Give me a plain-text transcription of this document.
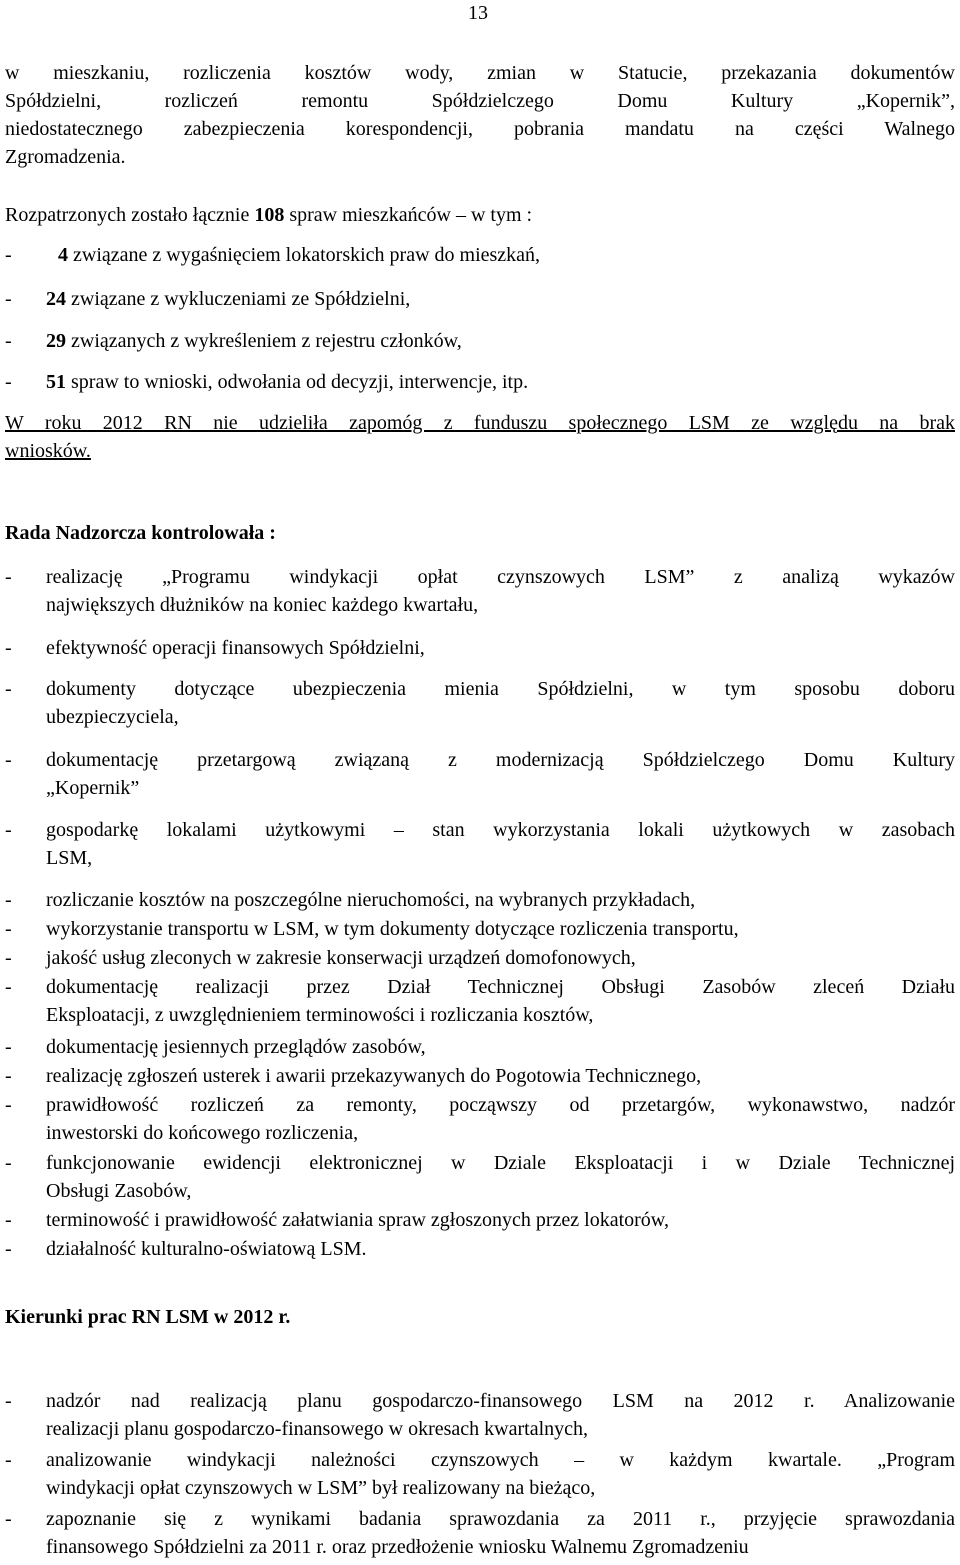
13
w mieszkaniu, rozliczenia kosztów wody, zmian w Statucie, przekazania dokumentów
Spółdzielni, rozliczeń remontu Spółdzielczego Domu Kultury „Kopernik”,
niedostatecznego zabezpieczenia korespondencji, pobrania mandatu na części Walnego
Zgromadzenia.
Rozpatrzonych zostało łącznie 108 spraw mieszkańców – w tym :
- 4 związane z wygaśnięciem lokatorskich praw do mieszkań,
- 24 związane z wykluczeniami ze Spółdzielni,
- 29 związanych z wykreśleniem z rejestru członków,
- 51 spraw to wnioski, odwołania od decyzji, interwencje, itp.
W roku 2012 RN nie udzieliła zapomóg z funduszu społecznego LSM ze względu na brak
wniosków.
Rada Nadzorcza kontrolowała :
- realizację „Programu windykacji opłat czynszowych LSM” z analizą wykazów
największych dłużników na koniec każdego kwartału,
- efektywność operacji finansowych Spółdzielni,
- dokumenty dotyczące ubezpieczenia mienia Spółdzielni, w tym sposobu doboru
ubezpieczyciela,
- dokumentację przetargową związaną z modernizacją Spółdzielczego Domu Kultury
„Kopernik”
- gospodarkę lokalami użytkowymi – stan wykorzystania lokali użytkowych w zasobach
LSM,
- rozliczanie kosztów na poszczególne nieruchomości, na wybranych przykładach,
- wykorzystanie transportu w LSM, w tym dokumenty dotyczące rozliczenia transportu,
- jakość usług zleconych w zakresie konserwacji urządzeń domofonowych,
- dokumentację realizacji przez Dział Technicznej Obsługi Zasobów zleceń Działu
Eksploatacji, z uwzględnieniem terminowości i rozliczania kosztów,
- dokumentację jesiennych przeglądów zasobów,
- realizację zgłoszeń usterek i awarii przekazywanych do Pogotowia Technicznego,
- prawidłowość rozliczeń za remonty, począwszy od przetargów, wykonawstwo, nadzór
inwestorski do końcowego rozliczenia,
- funkcjonowanie ewidencji elektronicznej w Dziale Eksploatacji i w Dziale Technicznej
Obsługi Zasobów,
- terminowość i prawidłowość załatwiania spraw zgłoszonych przez lokatorów,
- działalność kulturalno-oświatową LSM.
Kierunki prac RN LSM w 2012 r.
- nadzór nad realizacją planu gospodarczo-finansowego LSM na 2012 r. Analizowanie
realizacji planu gospodarczo-finansowego w okresach kwartalnych,
- analizowanie windykacji należności czynszowych – w każdym kwartale. „Program
windykacji opłat czynszowych w LSM” był realizowany na bieżąco,
- zapoznanie się z wynikami badania sprawozdania za 2011 r., przyjęcie sprawozdania
finansowego Spółdzielni za 2011 r. oraz przedłożenie wniosku Walnemu Zgromadzeniu
